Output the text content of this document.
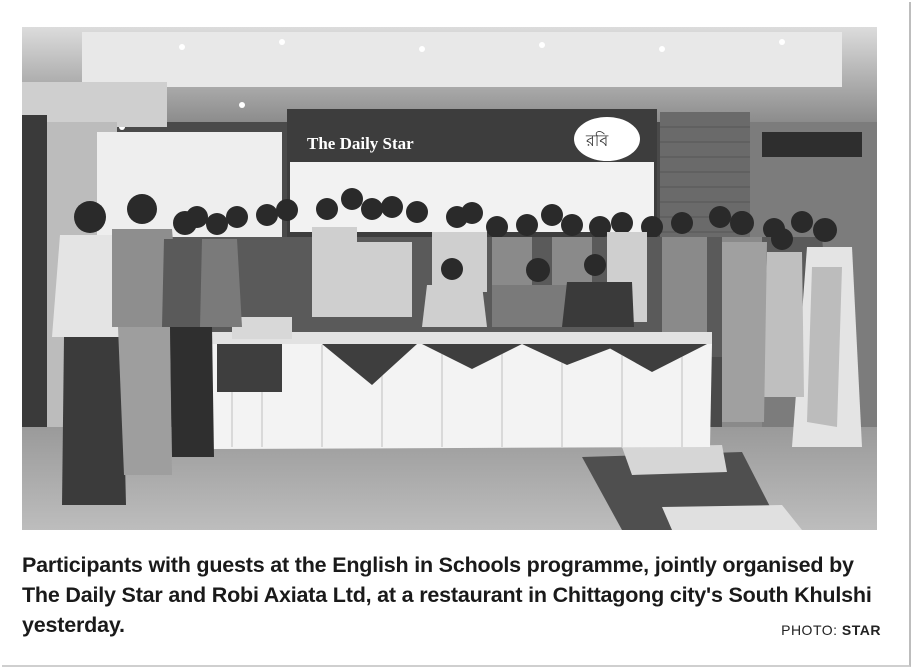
The Daily Star	রবি
Participants with guests at the English in Schools programme, jointly organised by The Daily Star and Robi Axiata Ltd, at a restaurant in Chittagong city's South Khulshi yesterday.	PHOTO: STAR
